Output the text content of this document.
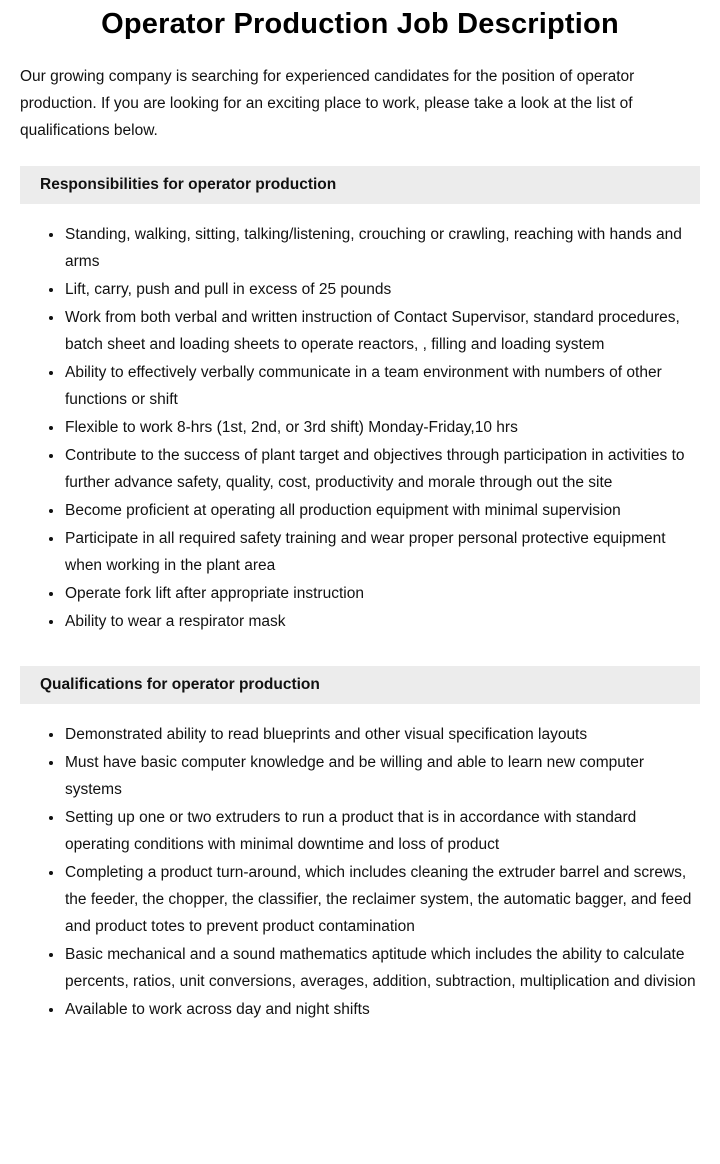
Operator Production Job Description

Our growing company is searching for experienced candidates for the position of operator production. If you are looking for an exciting place to work, please take a look at the list of qualifications below.

Responsibilities for operator production
• Standing, walking, sitting, talking/listening, crouching or crawling, reaching with hands and arms
• Lift, carry, push and pull in excess of 25 pounds
• Work from both verbal and written instruction of Contact Supervisor, standard procedures, batch sheet and loading sheets to operate reactors, , filling and loading system
• Ability to effectively verbally communicate in a team environment with numbers of other functions or shift
• Flexible to work 8-hrs (1st, 2nd, or 3rd shift) Monday-Friday,10 hrs
• Contribute to the success of plant target and objectives through participation in activities to further advance safety, quality, cost, productivity and morale through out the site
• Become proficient at operating all production equipment with minimal supervision
• Participate in all required safety training and wear proper personal protective equipment when working in the plant area
• Operate fork lift after appropriate instruction
• Ability to wear a respirator mask
Qualifications for operator production
• Demonstrated ability to read blueprints and other visual specification layouts
• Must have basic computer knowledge and be willing and able to learn new computer systems
• Setting up one or two extruders to run a product that is in accordance with standard operating conditions with minimal downtime and loss of product
• Completing a product turn-around, which includes cleaning the extruder barrel and screws, the feeder, the chopper, the classifier, the reclaimer system, the automatic bagger, and feed and product totes to prevent product contamination
• Basic mechanical and a sound mathematics aptitude which includes the ability to calculate percents, ratios, unit conversions, averages, addition, subtraction, multiplication and division
• Available to work across day and night shifts
